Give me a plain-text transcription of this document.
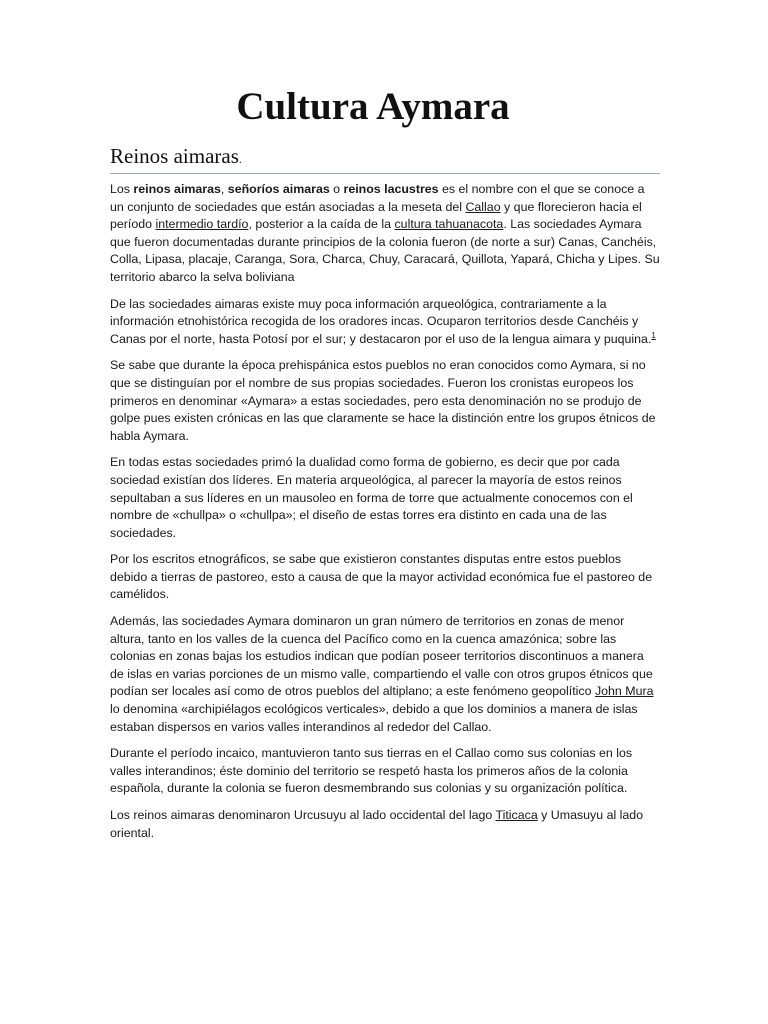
Cultura Aymara
Reinos aimaras.

Los reinos aimaras, señoríos aimaras o reinos lacustres es el nombre con el que se conoce a un conjunto de sociedades que están asociadas a la meseta del Callao y que florecieron hacia el período intermedio tardío, posterior a la caída de la cultura tahuanacota. Las sociedades Aymara que fueron documentadas durante principios de la colonia fueron (de norte a sur) Canas, Canchéis, Colla, Lipasa, placaje, Caranga, Sora, Charca, Chuy, Caracará, Quillota, Yapará, Chicha y Lipes. Su territorio abarco la selva boliviana

De las sociedades aimaras existe muy poca información arqueológica, contrariamente a la información etnohistórica recogida de los oradores incas. Ocuparon territorios desde Canchéis y Canas por el norte, hasta Potosí por el sur; y destacaron por el uso de la lengua aimara y puquina.$^1$

Se sabe que durante la época prehispánica estos pueblos no eran conocidos como Aymara, si no que se distinguían por el nombre de sus propias sociedades. Fueron los cronistas europeos los primeros en denominar «Aymara» a estas sociedades, pero esta denominación no se produjo de golpe pues existen crónicas en las que claramente se hace la distinción entre los grupos étnicos de habla Aymara.

En todas estas sociedades primó la dualidad como forma de gobierno, es decir que por cada sociedad existían dos líderes. En materia arqueológica, al parecer la mayoría de estos reinos sepultaban a sus líderes en un mausoleo en forma de torre que actualmente conocemos con el nombre de «chullpa» o «chullpa»; el diseño de estas torres era distinto en cada una de las sociedades.

Por los escritos etnográficos, se sabe que existieron constantes disputas entre estos pueblos debido a tierras de pastoreo, esto a causa de que la mayor actividad económica fue el pastoreo de camélidos.

Además, las sociedades Aymara dominaron un gran número de territorios en zonas de menor altura, tanto en los valles de la cuenca del Pacífico como en la cuenca amazónica; sobre las colonias en zonas bajas los estudios indican que podían poseer territorios discontinuos a manera de islas en varias porciones de un mismo valle, compartiendo el valle con otros grupos étnicos que podían ser locales así como de otros pueblos del altiplano; a este fenómeno geopolítico John Mura lo denomina «archipiélagos ecológicos verticales», debido a que los dominios a manera de islas estaban dispersos en varios valles interandinos al rededor del Callao.

Durante el período incaico, mantuvieron tanto sus tierras en el Callao como sus colonias en los valles interandinos; éste dominio del territorio se respetó hasta los primeros años de la colonia española, durante la colonia se fueron desmembrando sus colonias y su organización política.

Los reinos aimaras denominaron Urcusuyu al lado occidental del lago Titicaca y Umasuyu al lado oriental.
